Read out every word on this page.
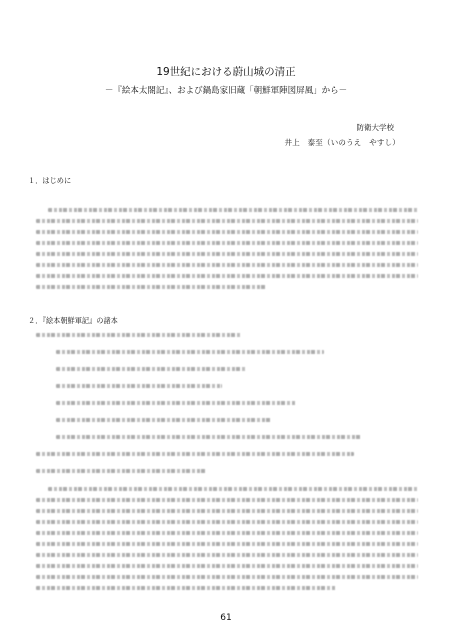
19世紀における蔚山城の清正
－『絵本太閤記』、および鍋島家旧蔵「朝鮮軍陣図屏風」から－
防衛大学校
井上　泰至（いのうえ　やすし）
１．はじめに
２．『絵本朝鮮軍記』の諸本
61
